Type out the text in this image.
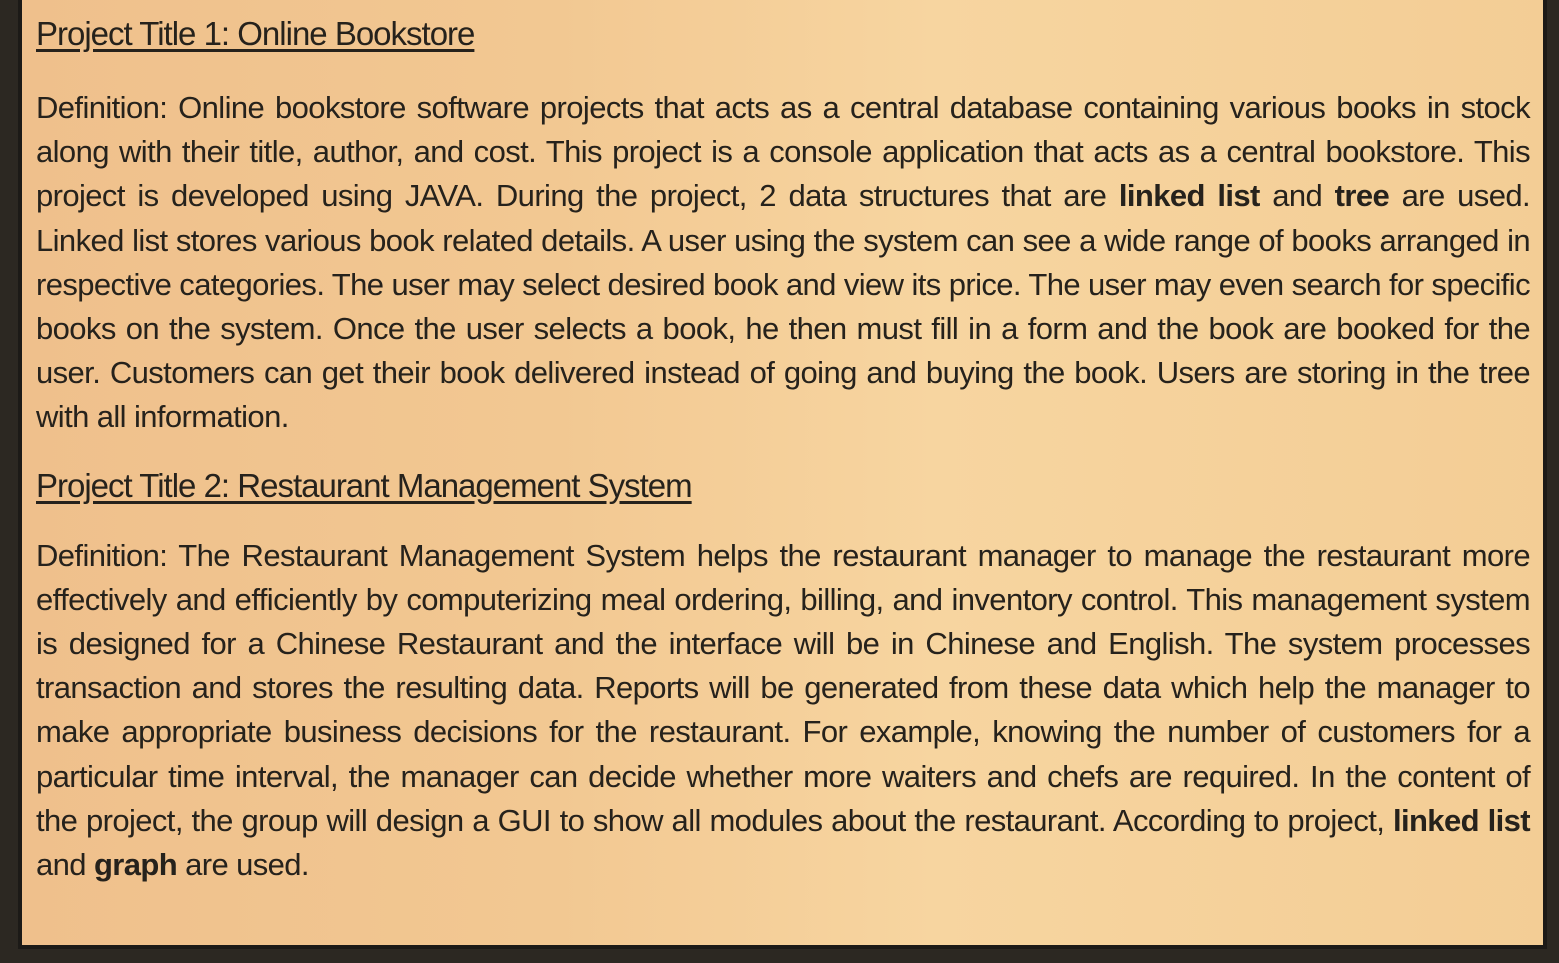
Project Title 1: Online Bookstore

Definition: Online bookstore software projects that acts as a central database containing various books in stock along with their title, author, and cost. This project is a console application that acts as a central bookstore. This project is developed using JAVA. During the project, 2 data structures that are linked list and tree are used. Linked list stores various book related details. A user using the system can see a wide range of books arranged in respective categories. The user may select desired book and view its price. The user may even search for specific books on the system. Once the user selects a book, he then must fill in a form and the book are booked for the user. Customers can get their book delivered instead of going and buying the book. Users are storing in the tree with all information.

Project Title 2: Restaurant Management System

Definition: The Restaurant Management System helps the restaurant manager to manage the restaurant more effectively and efficiently by computerizing meal ordering, billing, and inventory control. This management system is designed for a Chinese Restaurant and the interface will be in Chinese and English. The system processes transaction and stores the resulting data. Reports will be generated from these data which help the manager to make appropriate business decisions for the restaurant. For example, knowing the number of customers for a particular time interval, the manager can decide whether more waiters and chefs are required. In the content of the project, the group will design a GUI to show all modules about the restaurant. According to project, linked list and graph are used.
